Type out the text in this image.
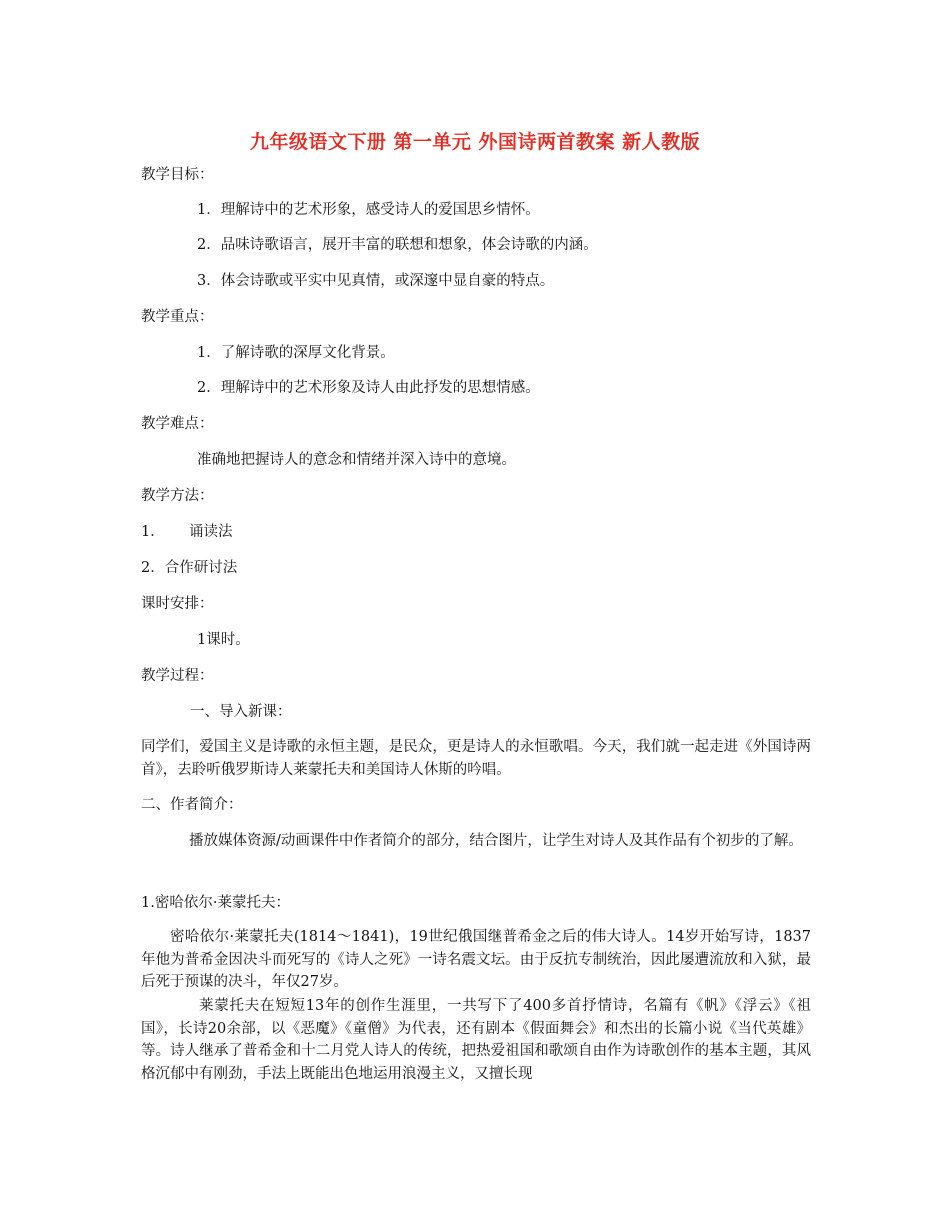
九年级语文下册 第一单元 外国诗两首教案 新人教版
教学目标：
1．理解诗中的艺术形象，感受诗人的爱国思乡情怀。
2．品味诗歌语言，展开丰富的联想和想象，体会诗歌的内涵。
3．体会诗歌或平实中见真情，或深邃中显自豪的特点。
教学重点：
1．了解诗歌的深厚文化背景。
2．理解诗中的艺术形象及诗人由此抒发的思想情感。
教学难点：
准确地把握诗人的意念和情绪并深入诗中的意境。
教学方法：
1． 诵读法
2．合作研讨法
课时安排：
1课时。
教学过程：
一、导入新课：
同学们，爱国主义是诗歌的永恒主题，是民众，更是诗人的永恒歌唱。今天，我们就一起走进《外国诗两首》，去聆听俄罗斯诗人莱蒙托夫和美国诗人休斯的吟唱。
二、作者简介：
播放媒体资源/动画课件中作者简介的部分，结合图片，让学生对诗人及其作品有个初步的了解。
1.密哈依尔·莱蒙托夫：
密哈依尔·莱蒙托夫(1814～1841)，19世纪俄国继普希金之后的伟大诗人。14岁开始写诗，1837年他为普希金因决斗而死写的《诗人之死》一诗名震文坛。由于反抗专制统治，因此屡遭流放和入狱，最后死于预谋的决斗，年仅27岁。
莱蒙托夫在短短13年的创作生涯里，一共写下了400多首抒情诗，名篇有《帆》《浮云》《祖国》，长诗20余部，以《恶魔》《童僧》为代表，还有剧本《假面舞会》和杰出的长篇小说《当代英雄》等。诗人继承了普希金和十二月党人诗人的传统，把热爱祖国和歌颂自由作为诗歌创作的基本主题，其风格沉郁中有刚劲，手法上既能出色地运用浪漫主义，又擅长现
